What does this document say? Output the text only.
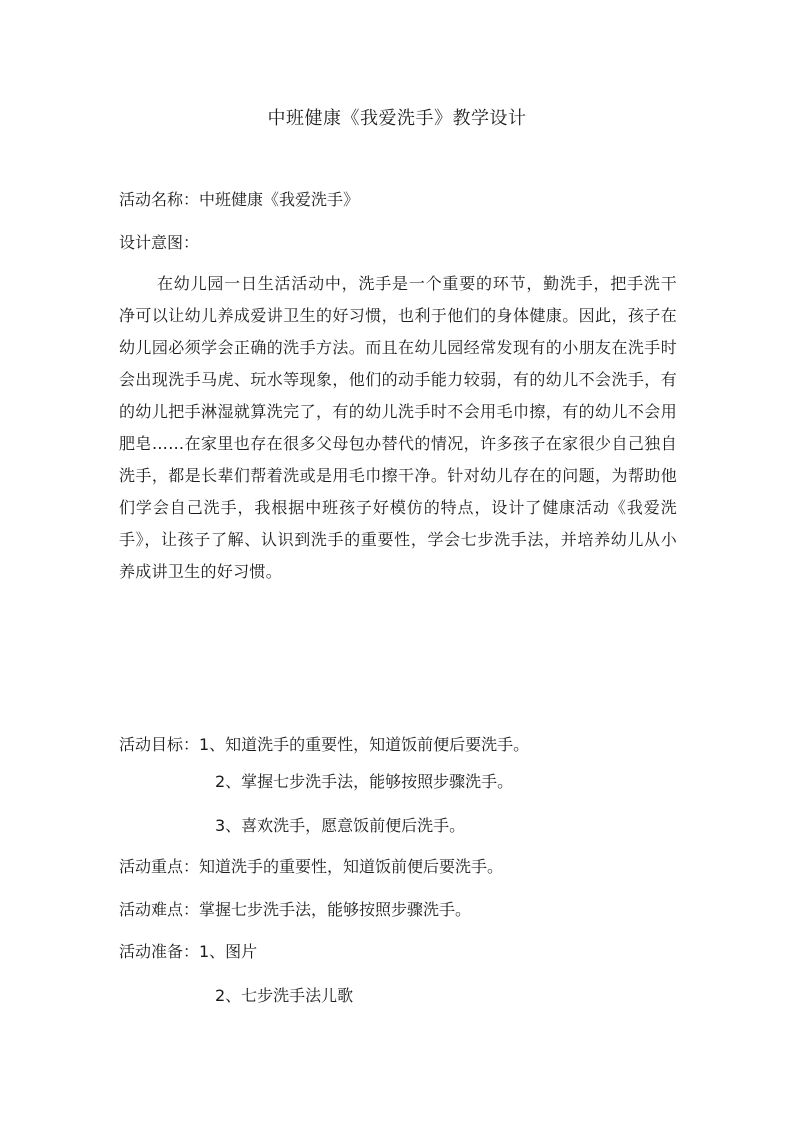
中班健康《我爱洗手》教学设计
活动名称：中班健康《我爱洗手》
设计意图：
在幼儿园一日生活活动中，洗手是一个重要的环节，勤洗手，把手洗干净可以让幼儿养成爱讲卫生的好习惯，也利于他们的身体健康。因此，孩子在幼儿园必须学会正确的洗手方法。而且在幼儿园经常发现有的小朋友在洗手时会出现洗手马虎、玩水等现象，他们的动手能力较弱，有的幼儿不会洗手，有的幼儿把手淋湿就算洗完了，有的幼儿洗手时不会用毛巾擦，有的幼儿不会用肥皂……在家里也存在很多父母包办替代的情况，许多孩子在家很少自己独自洗手，都是长辈们帮着洗或是用毛巾擦干净。针对幼儿存在的问题，为帮助他们学会自己洗手，我根据中班孩子好模仿的特点，设计了健康活动《我爱洗手》，让孩子了解、认识到洗手的重要性，学会七步洗手法，并培养幼儿从小养成讲卫生的好习惯。
活动目标：1、知道洗手的重要性，知道饭前便后要洗手。
2、掌握七步洗手法，能够按照步骤洗手。
3、喜欢洗手，愿意饭前便后洗手。
活动重点：知道洗手的重要性，知道饭前便后要洗手。
活动难点：掌握七步洗手法，能够按照步骤洗手。
活动准备：1、图片
2、七步洗手法儿歌
